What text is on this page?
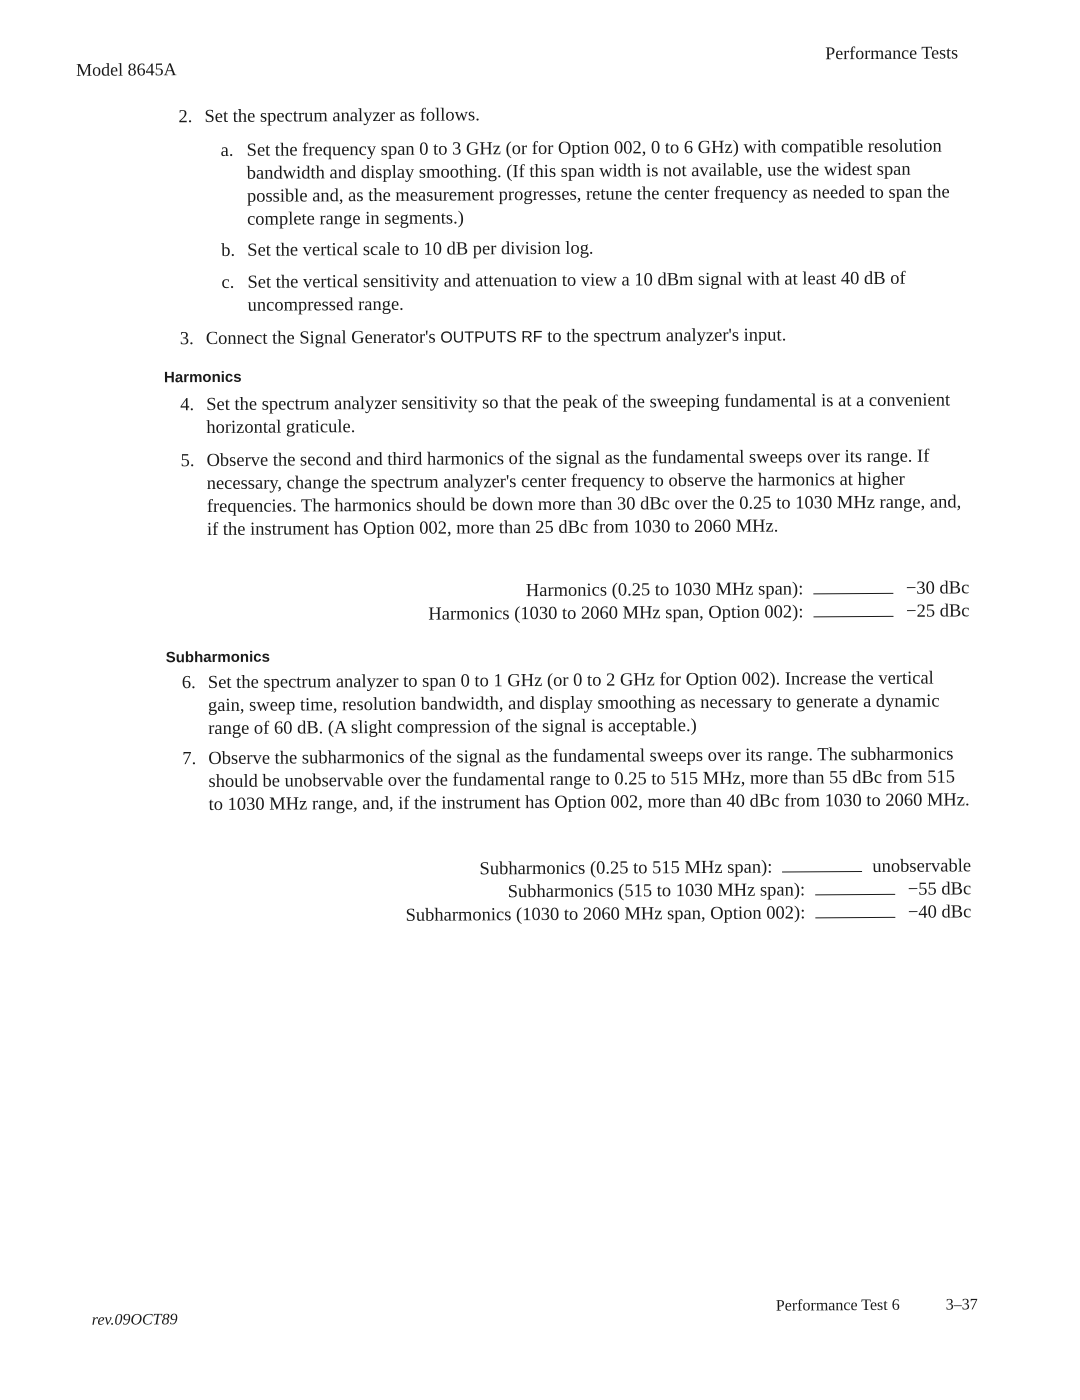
Model 8645A
Performance Tests
2. Set the spectrum analyzer as follows.
a. Set the frequency span 0 to 3 GHz (or for Option 002, 0 to 6 GHz) with compatible resolution bandwidth and display smoothing. (If this span width is not available, use the widest span possible and, as the measurement progresses, retune the center frequency as needed to span the complete range in segments.)
b. Set the vertical scale to 10 dB per division log.
c. Set the vertical sensitivity and attenuation to view a 10 dBm signal with at least 40 dB of uncompressed range.
3. Connect the Signal Generator's OUTPUTS RF to the spectrum analyzer's input.
Harmonics
4. Set the spectrum analyzer sensitivity so that the peak of the sweeping fundamental is at a convenient horizontal graticule.
5. Observe the second and third harmonics of the signal as the fundamental sweeps over its range. If necessary, change the spectrum analyzer's center frequency to observe the harmonics at higher frequencies. The harmonics should be down more than 30 dBc over the 0.25 to 1030 MHz range, and, if the instrument has Option 002, more than 25 dBc from 1030 to 2060 MHz.
Harmonics (0.25 to 1030 MHz span):	−30 dBc
Harmonics (1030 to 2060 MHz span, Option 002):	−25 dBc
Subharmonics
6. Set the spectrum analyzer to span 0 to 1 GHz (or 0 to 2 GHz for Option 002). Increase the vertical gain, sweep time, resolution bandwidth, and display smoothing as necessary to generate a dynamic range of 60 dB. (A slight compression of the signal is acceptable.)
7. Observe the subharmonics of the signal as the fundamental sweeps over its range. The subharmonics should be unobservable over the fundamental range to 0.25 to 515 MHz, more than 55 dBc from 515 to 1030 MHz range, and, if the instrument has Option 002, more than 40 dBc from 1030 to 2060 MHz.
Subharmonics (0.25 to 515 MHz span):	unobservable
Subharmonics (515 to 1030 MHz span):	−55 dBc
Subharmonics (1030 to 2060 MHz span, Option 002):	−40 dBc
rev.09OCT89
Performance Test 6	3–37
